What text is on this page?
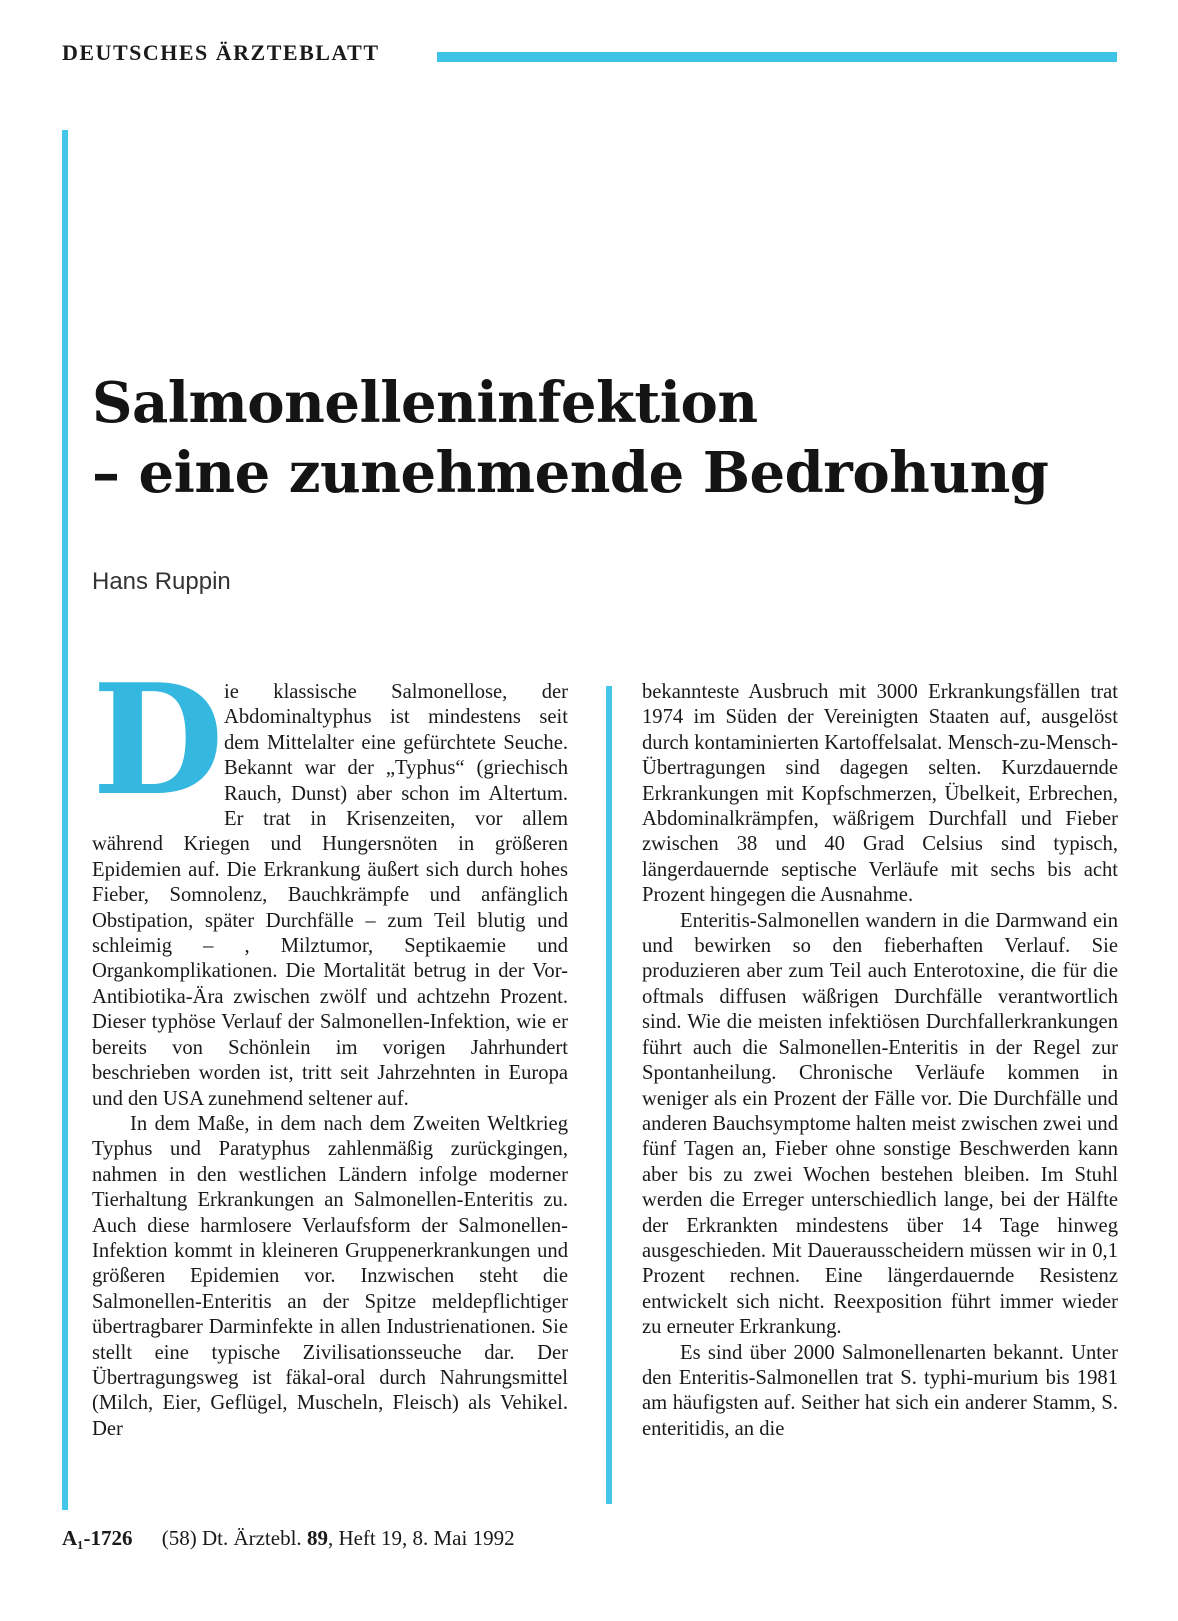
DEUTSCHES ÄRZTEBLATT
Salmonelleninfektion
– eine zunehmende Bedrohung
Hans Ruppin

Die klassische Salmonellose, der Abdominaltyphus ist mindestens seit dem Mittelalter eine gefürchtete Seuche. Bekannt war der „Typhus“ (griechisch Rauch, Dunst) aber schon im Altertum. Er trat in Krisenzeiten, vor allem während Kriegen und Hungersnöten in größeren Epidemien auf. Die Erkrankung äußert sich durch hohes Fieber, Somnolenz, Bauchkrämpfe und anfänglich Obstipation, später Durchfälle – zum Teil blutig und schleimig – , Milztumor, Septikaemie und Organkomplikationen. Die Mortalität betrug in der Vor-Antibiotika-Ära zwischen zwölf und achtzehn Prozent. Dieser typhöse Verlauf der Salmonellen-Infektion, wie er bereits von Schönlein im vorigen Jahrhundert beschrieben worden ist, tritt seit Jahrzehnten in Europa und den USA zunehmend seltener auf.

In dem Maße, in dem nach dem Zweiten Weltkrieg Typhus und Paratyphus zahlenmäßig zurückgingen, nahmen in den westlichen Ländern infolge moderner Tierhaltung Erkrankungen an Salmonellen-Enteritis zu. Auch diese harmlosere Verlaufsform der Salmonellen-Infektion kommt in kleineren Gruppenerkrankungen und größeren Epidemien vor. Inzwischen steht die Salmonellen-Enteritis an der Spitze meldepflichtiger übertragbarer Darminfekte in allen Industrienationen. Sie stellt eine typische Zivilisationsseuche dar. Der Übertragungsweg ist fäkal-oral durch Nahrungsmittel (Milch, Eier, Geflügel, Muscheln, Fleisch) als Vehikel. Der

bekannteste Ausbruch mit 3000 Erkrankungsfällen trat 1974 im Süden der Vereinigten Staaten auf, ausgelöst durch kontaminierten Kartoffelsalat. Mensch-zu-Mensch-Übertragungen sind dagegen selten. Kurzdauernde Erkrankungen mit Kopfschmerzen, Übelkeit, Erbrechen, Abdominalkrämpfen, wäßrigem Durchfall und Fieber zwischen 38 und 40 Grad Celsius sind typisch, längerdauernde septische Verläufe mit sechs bis acht Prozent hingegen die Ausnahme.

Enteritis-Salmonellen wandern in die Darmwand ein und bewirken so den fieberhaften Verlauf. Sie produzieren aber zum Teil auch Enterotoxine, die für die oftmals diffusen wäßrigen Durchfälle verantwortlich sind. Wie die meisten infektiösen Durchfallerkrankungen führt auch die Salmonellen-Enteritis in der Regel zur Spontanheilung. Chronische Verläufe kommen in weniger als ein Prozent der Fälle vor. Die Durchfälle und anderen Bauchsymptome halten meist zwischen zwei und fünf Tagen an, Fieber ohne sonstige Beschwerden kann aber bis zu zwei Wochen bestehen bleiben. Im Stuhl werden die Erreger unterschiedlich lange, bei der Hälfte der Erkrankten mindestens über 14 Tage hinweg ausgeschieden. Mit Dauerausscheidern müssen wir in 0,1 Prozent rechnen. Eine längerdauernde Resistenz entwickelt sich nicht. Reexposition führt immer wieder zu erneuter Erkrankung.

Es sind über 2000 Salmonellenarten bekannt. Unter den Enteritis-Salmonellen trat S. typhi-murium bis 1981 am häufigsten auf. Seither hat sich ein anderer Stamm, S. enteritidis, an die

A₁-1726 (58) Dt. Ärztebl. 89, Heft 19, 8. Mai 1992
